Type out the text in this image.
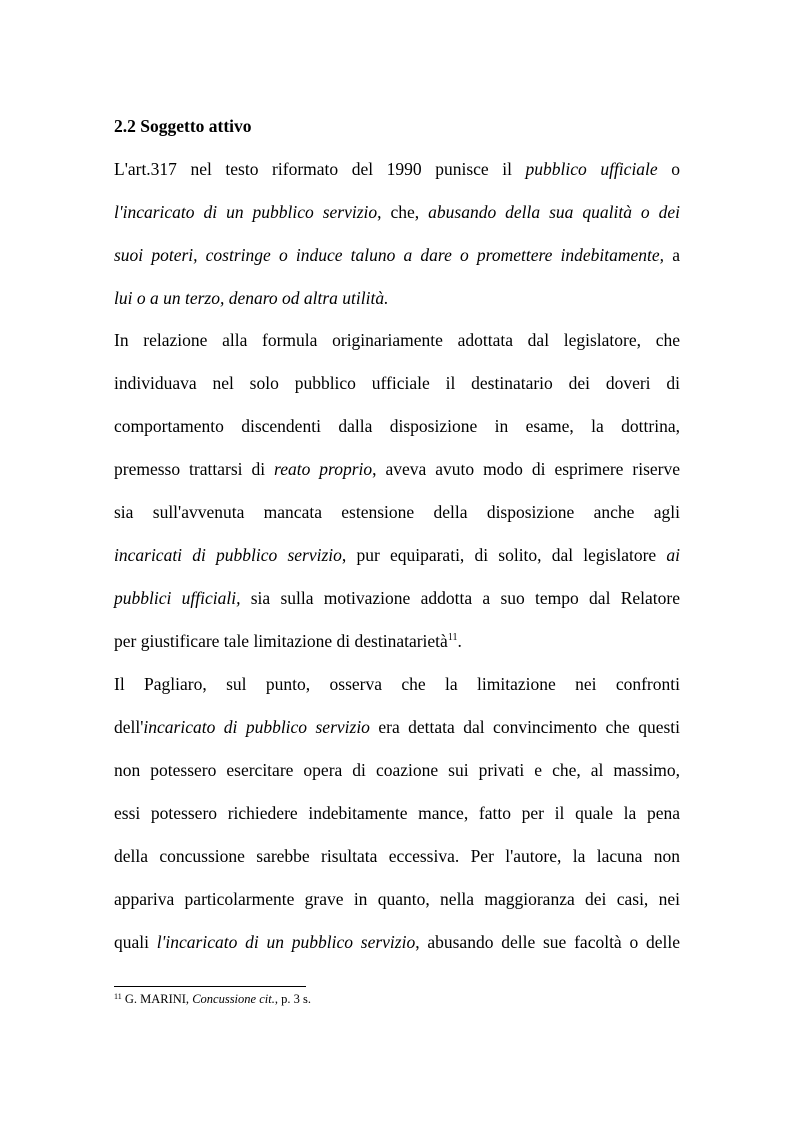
2.2 Soggetto attivo
L'art.317 nel testo riformato del 1990 punisce il pubblico ufficiale o
l'incaricato di un pubblico servizio, che, abusando della sua qualità o dei
suoi poteri, costringe o induce taluno a dare o promettere indebitamente, a
lui o a un terzo, denaro od altra utilità.
In relazione alla formula originariamente adottata dal legislatore, che
individuava nel solo pubblico ufficiale il destinatario dei doveri di
comportamento discendenti dalla disposizione in esame, la dottrina,
premesso trattarsi di reato proprio, aveva avuto modo di esprimere riserve
sia sull'avvenuta mancata estensione della disposizione anche agli
incaricati di pubblico servizio, pur equiparati, di solito, dal legislatore ai
pubblici ufficiali, sia sulla motivazione addotta a suo tempo dal Relatore
per giustificare tale limitazione di destinatarietà$^{11}$.
Il Pagliaro, sul punto, osserva che la limitazione nei confronti
dell'incaricato di pubblico servizio era dettata dal convincimento che questi
non potessero esercitare opera di coazione sui privati e che, al massimo,
essi potessero richiedere indebitamente mance, fatto per il quale la pena
della concussione sarebbe risultata eccessiva. Per l'autore, la lacuna non
appariva particolarmente grave in quanto, nella maggioranza dei casi, nei
quali l'incaricato di un pubblico servizio, abusando delle sue facoltà o delle
$^{11}$ G. MARINI, Concussione cit., p. 3 s.
